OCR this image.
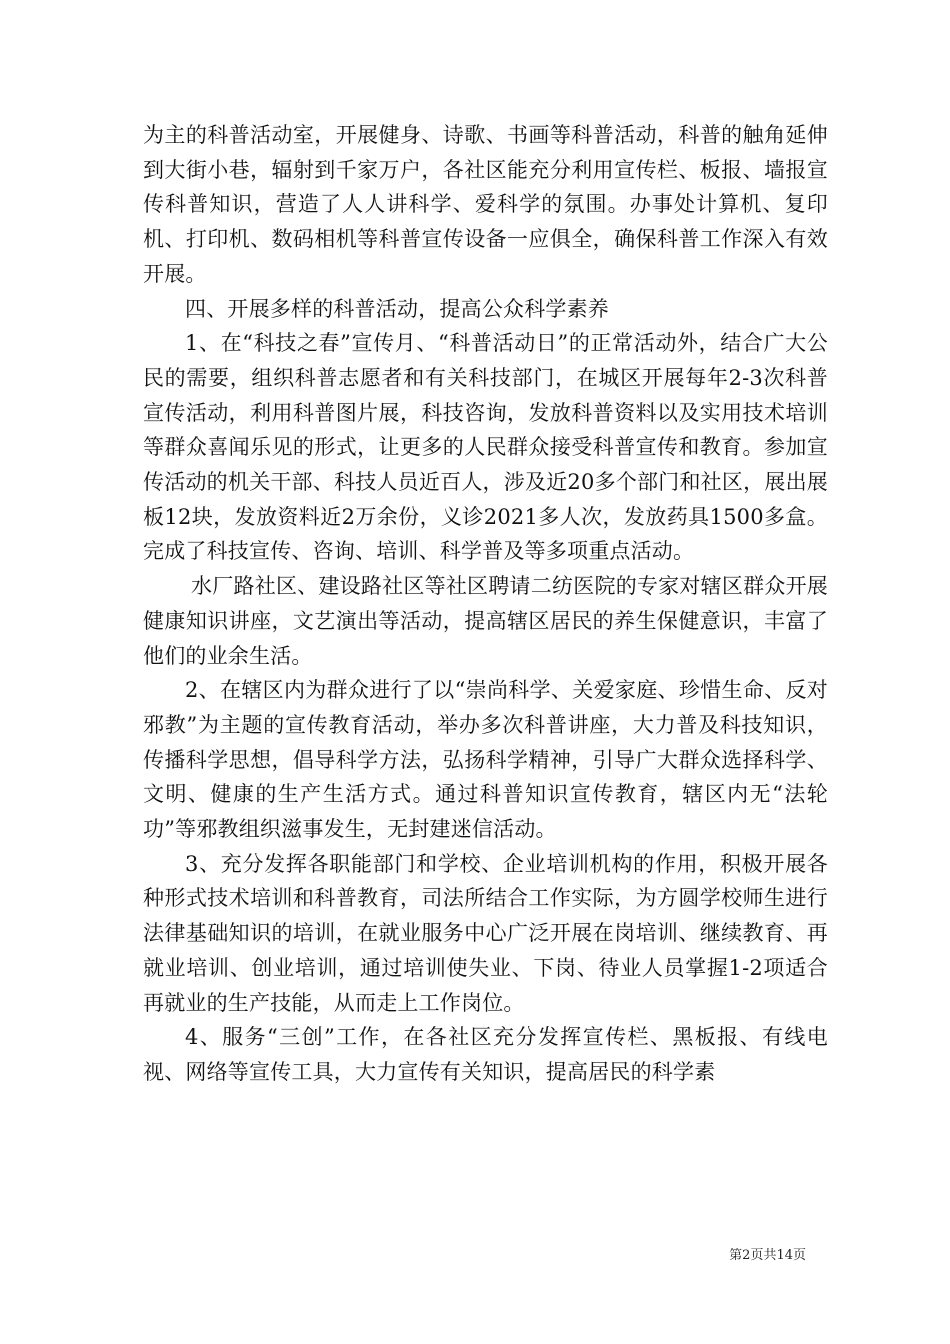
为主的科普活动室，开展健身、诗歌、书画等科普活动，科普的触角延伸到大街小巷，辐射到千家万户，各社区能充分利用宣传栏、板报、墙报宣传科普知识，营造了人人讲科学、爱科学的氛围。办事处计算机、复印机、打印机、数码相机等科普宣传设备一应俱全，确保科普工作深入有效开展。

四、开展多样的科普活动，提高公众科学素养

1、在“科技之春”宣传月、“科普活动日”的正常活动外，结合广大公民的需要，组织科普志愿者和有关科技部门，在城区开展每年2-3次科普宣传活动，利用科普图片展，科技咨询，发放科普资料以及实用技术培训等群众喜闻乐见的形式，让更多的人民群众接受科普宣传和教育。参加宣传活动的机关干部、科技人员近百人，涉及近20多个部门和社区，展出展板12块，发放资料近2万余份，义诊2021多人次，发放药具1500多盒。完成了科技宣传、咨询、培训、科学普及等多项重点活动。

水厂路社区、建设路社区等社区聘请二纺医院的专家对辖区群众开展健康知识讲座，文艺演出等活动，提高辖区居民的养生保健意识，丰富了他们的业余生活。

2、在辖区内为群众进行了以“崇尚科学、关爱家庭、珍惜生命、反对邪教”为主题的宣传教育活动，举办多次科普讲座，大力普及科技知识，传播科学思想，倡导科学方法，弘扬科学精神，引导广大群众选择科学、文明、健康的生产生活方式。通过科普知识宣传教育，辖区内无“法轮功”等邪教组织滋事发生，无封建迷信活动。

3、充分发挥各职能部门和学校、企业培训机构的作用，积极开展各种形式技术培训和科普教育，司法所结合工作实际，为方圆学校师生进行法律基础知识的培训，在就业服务中心广泛开展在岗培训、继续教育、再就业培训、创业培训，通过培训使失业、下岗、待业人员掌握1-2项适合再就业的生产技能，从而走上工作岗位。

4、服务“三创”工作，在各社区充分发挥宣传栏、黑板报、有线电视、网络等宣传工具，大力宣传有关知识，提高居民的科学素

第2页共14页
